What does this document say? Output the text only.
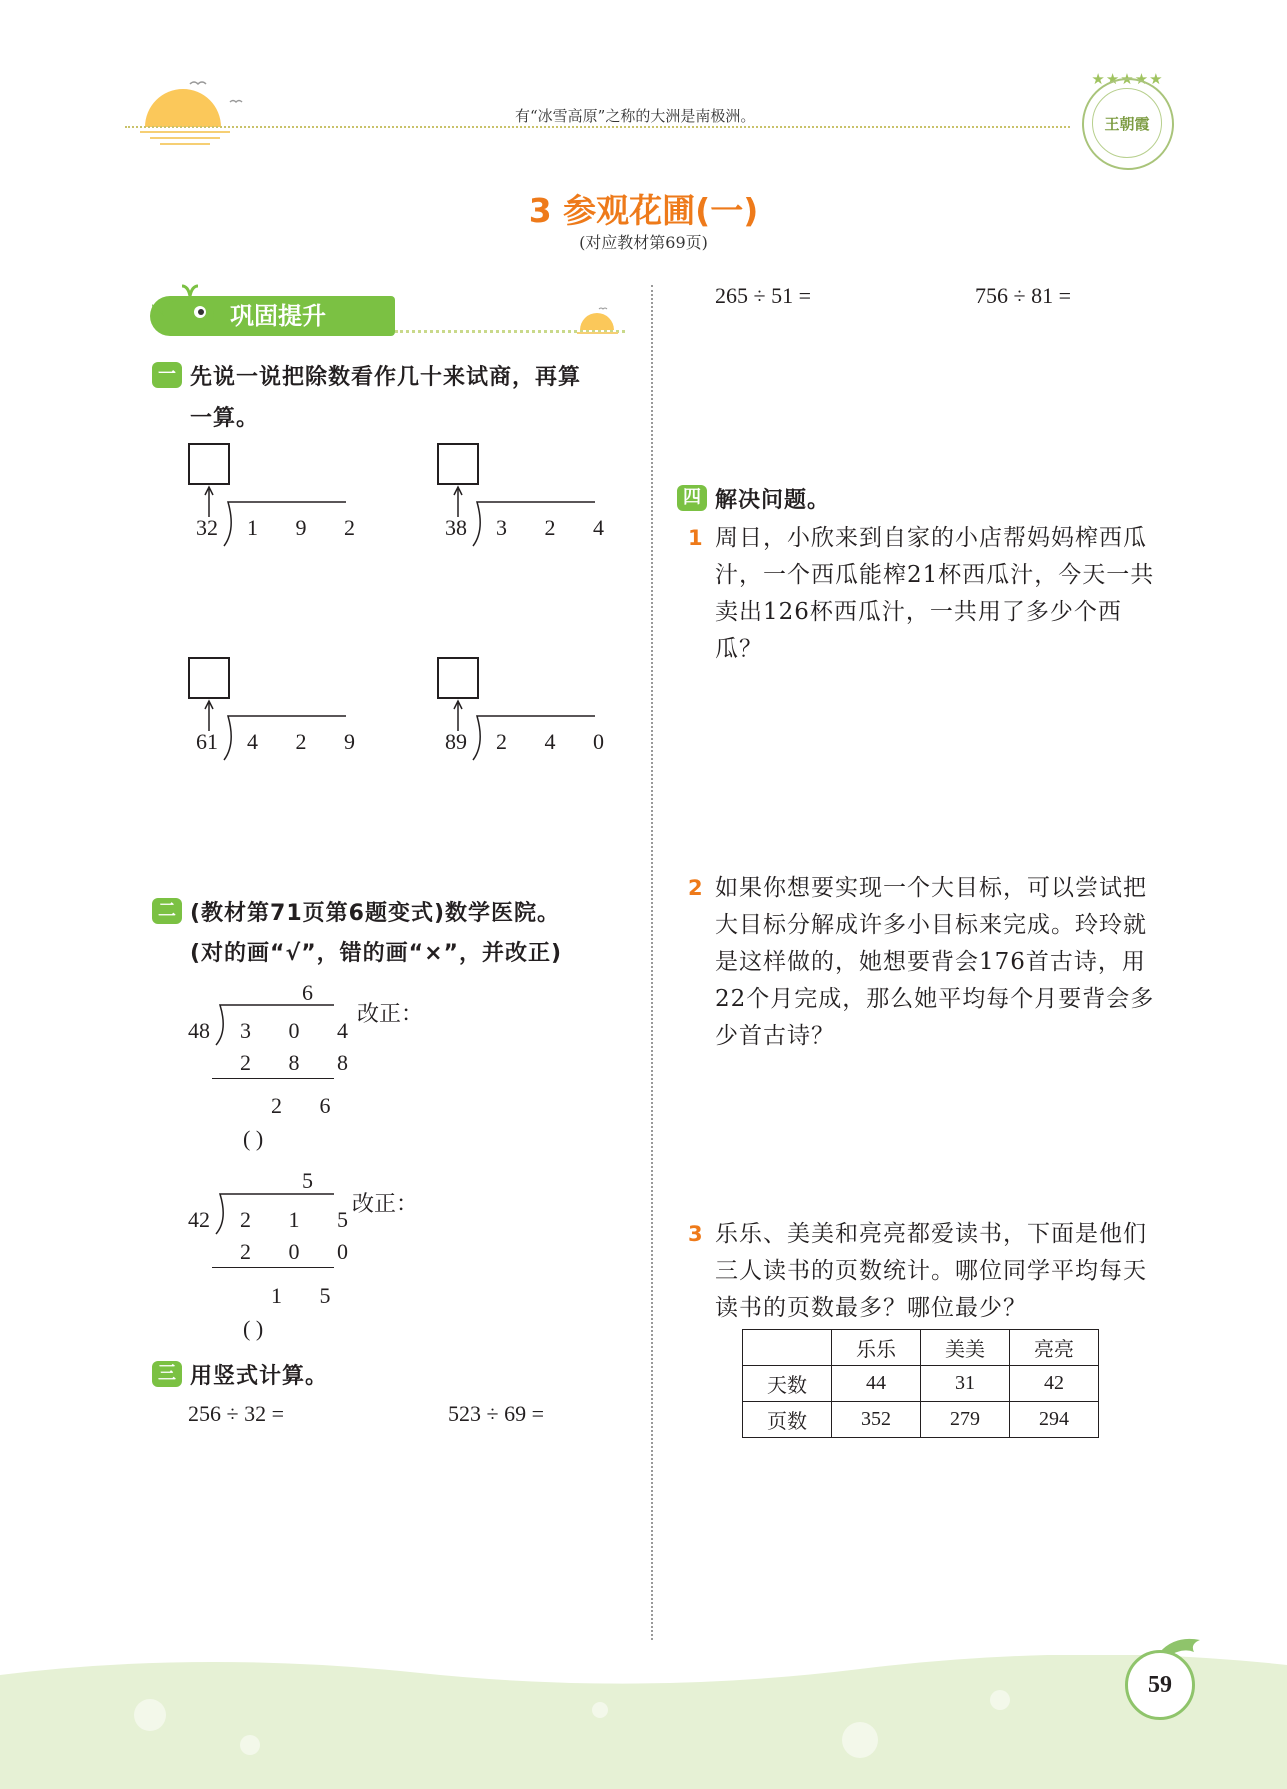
有“冰雪高原”之称的大洲是南极洲。
★★★★★
王朝霞
3 参观花圃(一)
(对应教材第69页)
巩固提升
一 先说一说把除数看作几十来试商，再算
一算。
32 1 9 2	38 3 2 4
61 4 2 9	89 2 4 0
二 (教材第71页第6题变式)数学医院。
(对的画“√”，错的画“×”，并改正)
6
48 3 0 4
2 8 8
2 6
( )
改正：
5
42 2 1 5
2 0 0
1 5
( )
改正：
三 用竖式计算。
256 ÷ 32 =	523 ÷ 69 =
265 ÷ 51 =	756 ÷ 81 =
四 解决问题。
1 周日，小欣来到自家的小店帮妈妈榨西瓜汁，一个西瓜能榨21杯西瓜汁，今天一共卖出126杯西瓜汁，一共用了多少个西瓜？
2 如果你想要实现一个大目标，可以尝试把大目标分解成许多小目标来完成。玲玲就是这样做的，她想要背会176首古诗，用22个月完成，那么她平均每个月要背会多少首古诗？
3 乐乐、美美和亮亮都爱读书，下面是他们三人读书的页数统计。哪位同学平均每天读书的页数最多？哪位最少？
	乐乐	美美	亮亮
天数	44	31	42
页数	352	279	294
59
